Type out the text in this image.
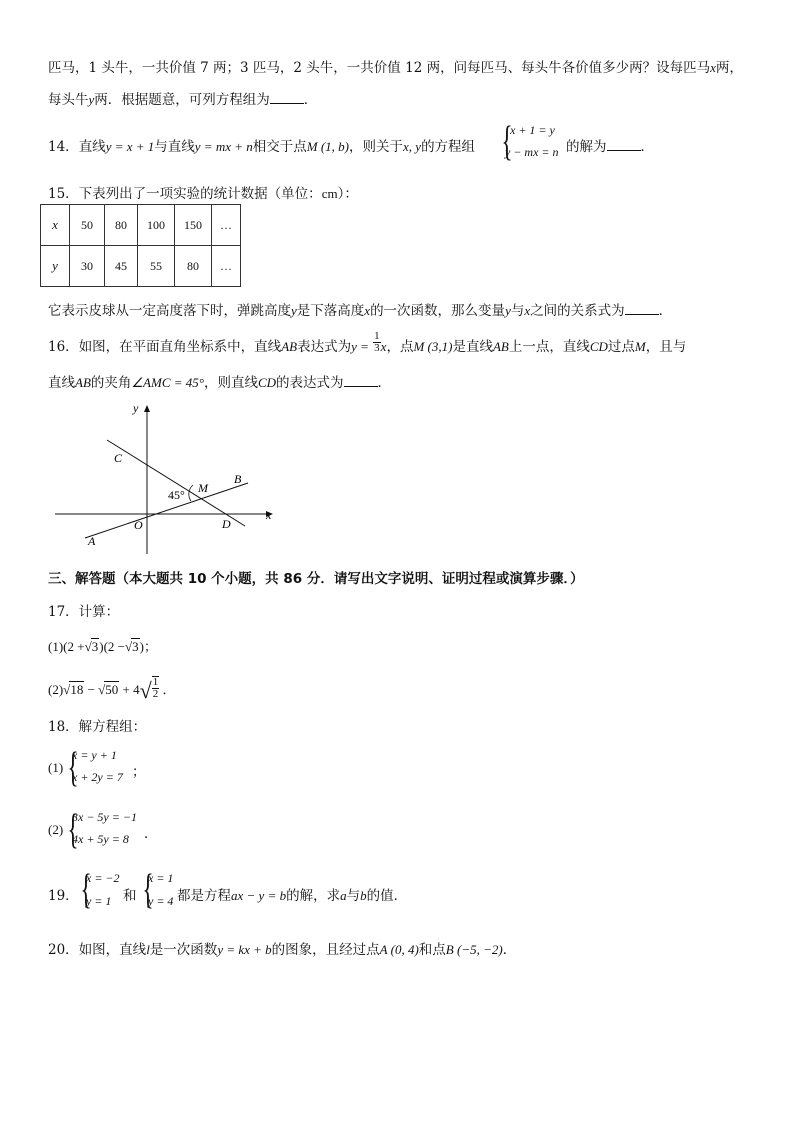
匹马，1 头牛，一共价值 7 两；3 匹马，2 头牛，一共价值 12 两，问每匹马、每头牛各价值多少两？设每匹马x两，
每头牛y两．根据题意，可列方程组为	．
14．直线y = x + 1与直线y = mx + n相交于点M (1, b)，则关于x, y的方程组 {
x + 1 = y
y − mx = n 的解为	．
15．下表列出了一项实验的统计数据（单位：cm）：
x	50	80	100	150	…
y	30	45	55	80	…
它表示皮球从一定高度落下时，弹跳高度y是下落高度x的一次函数，那么变量y与x之间的关系式为	．
16．如图，在平面直角坐标系中，直线AB表达式为$y = \frac{1}{3}$ x，点M (3,1)是直线AB上一点，直线CD过点M，且与
直线AB的夹角∠AMC = 45°，则直线CD的表达式为	．
y
x
C
B
M
A
O	D
45°
三、解答题（本大题共 10 个小题，共 86 分．请写出文字说明、证明过程或演算步骤．）
17．计算：
(1)(2 +√3)(2 −√3)；
$(2)√18 - √50 + 4√ \frac{1}{2}$ ．
18．解方程组：
(1) {
x = y + 1
x + 2y = 7 ；
(2) {
3x − 5y = −1
4x + 5y = 8 ．
19． {
x = −2
y = 1 和 {
x = 1
y = 4 都是方程ax − y = b的解，求a与b的值．
20．如图，直线l是一次函数y = kx + b的图象，且经过点A (0, 4)和点B (−5, −2)．
